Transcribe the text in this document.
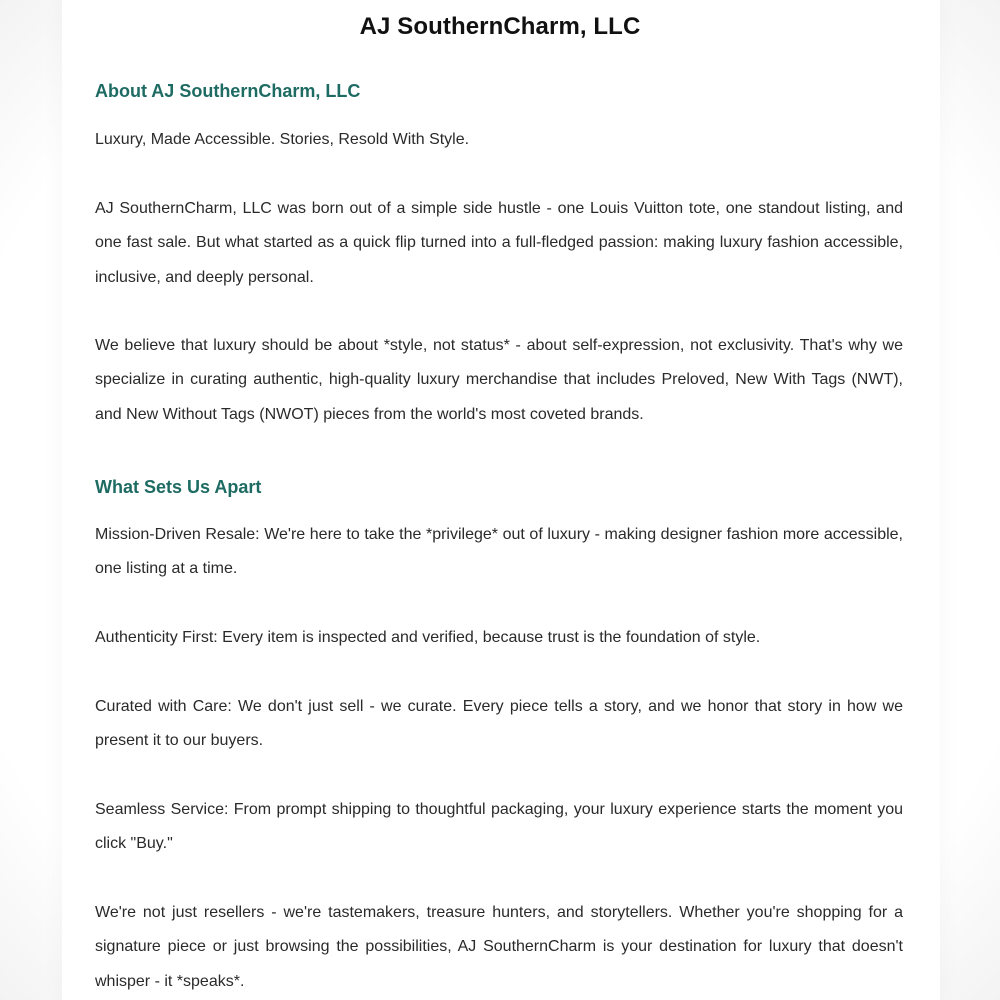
AJ SouthernCharm, LLC
About AJ SouthernCharm, LLC
Luxury, Made Accessible. Stories, Resold With Style.
AJ SouthernCharm, LLC was born out of a simple side hustle - one Louis Vuitton tote, one standout listing, and one fast sale. But what started as a quick flip turned into a full-fledged passion: making luxury fashion accessible, inclusive, and deeply personal.
We believe that luxury should be about *style, not status* - about self-expression, not exclusivity. That's why we specialize in curating authentic, high-quality luxury merchandise that includes Preloved, New With Tags (NWT), and New Without Tags (NWOT) pieces from the world's most coveted brands.
What Sets Us Apart
Mission-Driven Resale: We're here to take the *privilege* out of luxury - making designer fashion more accessible, one listing at a time.
Authenticity First: Every item is inspected and verified, because trust is the foundation of style.
Curated with Care: We don't just sell - we curate. Every piece tells a story, and we honor that story in how we present it to our buyers.
Seamless Service: From prompt shipping to thoughtful packaging, your luxury experience starts the moment you click "Buy."
We're not just resellers - we're tastemakers, treasure hunters, and storytellers. Whether you're shopping for a signature piece or just browsing the possibilities, AJ SouthernCharm is your destination for luxury that doesn't whisper - it *speaks*.
